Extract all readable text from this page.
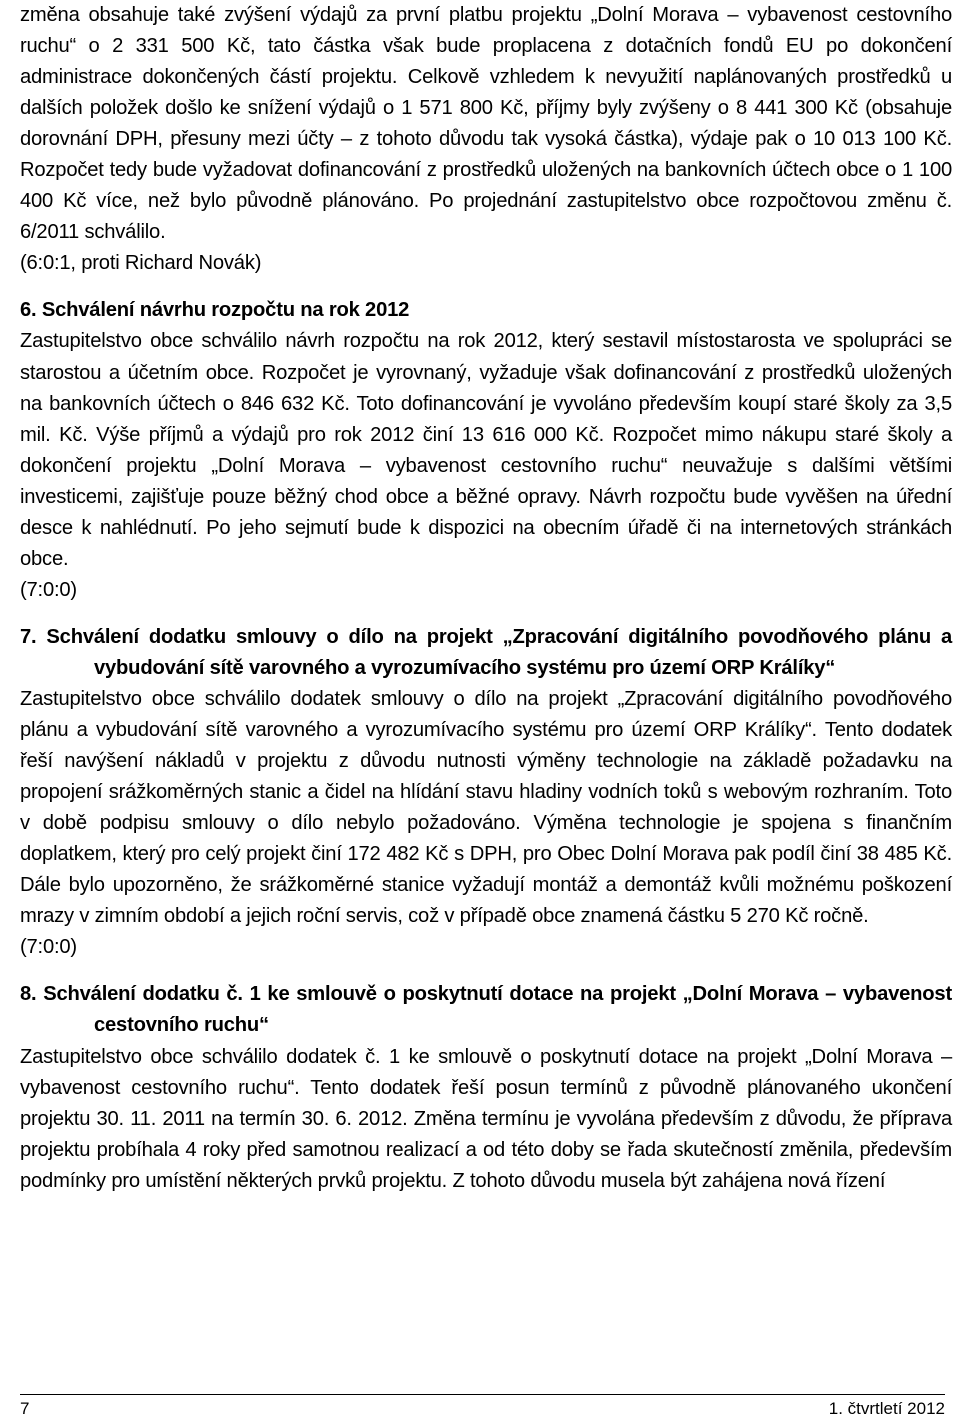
změna obsahuje také zvýšení výdajů za první platbu projektu „Dolní Morava – vybavenost cestovního ruchu“ o 2 331 500 Kč, tato částka však bude proplacena z dotačních fondů EU po dokončení administrace dokončených částí projektu. Celkově vzhledem k nevyužití naplánovaných prostředků u dalších položek došlo ke snížení výdajů o 1 571 800 Kč, příjmy byly zvýšeny o 8 441 300 Kč (obsahuje dorovnání DPH, přesuny mezi účty – z tohoto důvodu tak vysoká částka), výdaje pak o 10 013 100 Kč. Rozpočet tedy bude vyžadovat dofinancování z prostředků uložených na bankovních účtech obce o 1 100 400 Kč více, než bylo původně plánováno. Po projednání zastupitelstvo obce rozpočtovou změnu č. 6/2011 schválilo.

(6:0:1, proti Richard Novák)

6. Schválení návrhu rozpočtu na rok 2012

Zastupitelstvo obce schválilo návrh rozpočtu na rok 2012, který sestavil místostarosta ve spolupráci se starostou a účetním obce. Rozpočet je vyrovnaný, vyžaduje však dofinancování z prostředků uložených na bankovních účtech o 846 632 Kč. Toto dofinancování je vyvoláno především koupí staré školy za 3,5 mil. Kč. Výše příjmů a výdajů pro rok 2012 činí 13 616 000 Kč. Rozpočet mimo nákupu staré školy a dokončení projektu „Dolní Morava – vybavenost cestovního ruchu“ neuvažuje s dalšími většími investicemi, zajišťuje pouze běžný chod obce a běžné opravy. Návrh rozpočtu bude vyvěšen na úřední desce k nahlédnutí. Po jeho sejmutí bude k dispozici na obecním úřadě či na internetových stránkách obce.

(7:0:0)

7. Schválení dodatku smlouvy o dílo na projekt „Zpracování digitálního povodňového plánu a vybudování sítě varovného a vyrozumívacího systému pro území ORP Králíky“

Zastupitelstvo obce schválilo dodatek smlouvy o dílo na projekt „Zpracování digitálního povodňového plánu a vybudování sítě varovného a vyrozumívacího systému pro území ORP Králíky“. Tento dodatek řeší navýšení nákladů v projektu z důvodu nutnosti výměny technologie na základě požadavku na propojení srážkoměrných stanic a čidel na hlídání stavu hladiny vodních toků s webovým rozhraním. Toto v době podpisu smlouvy o dílo nebylo požadováno. Výměna technologie je spojena s finančním doplatkem, který pro celý projekt činí 172 482 Kč s DPH, pro Obec Dolní Morava pak podíl činí 38 485 Kč. Dále bylo upozorněno, že srážkoměrné stanice vyžadují montáž a demontáž kvůli možnému poškození mrazy v zimním období a jejich roční servis, což v případě obce znamená částku 5 270 Kč ročně.

(7:0:0)

8. Schválení dodatku č. 1 ke smlouvě o poskytnutí dotace na projekt „Dolní Morava – vybavenost cestovního ruchu“

Zastupitelstvo obce schválilo dodatek č. 1 ke smlouvě o poskytnutí dotace na projekt „Dolní Morava – vybavenost cestovního ruchu“. Tento dodatek řeší posun termínů z původně plánovaného ukončení projektu 30. 11. 2011 na termín 30. 6. 2012. Změna termínu je vyvolána především z důvodu, že příprava projektu probíhala 4 roky před samotnou realizací a od této doby se řada skutečností změnila, především podmínky pro umístění některých prvků projektu. Z tohoto důvodu musela být zahájena nová řízení

7	1. čtvrtletí 2012
